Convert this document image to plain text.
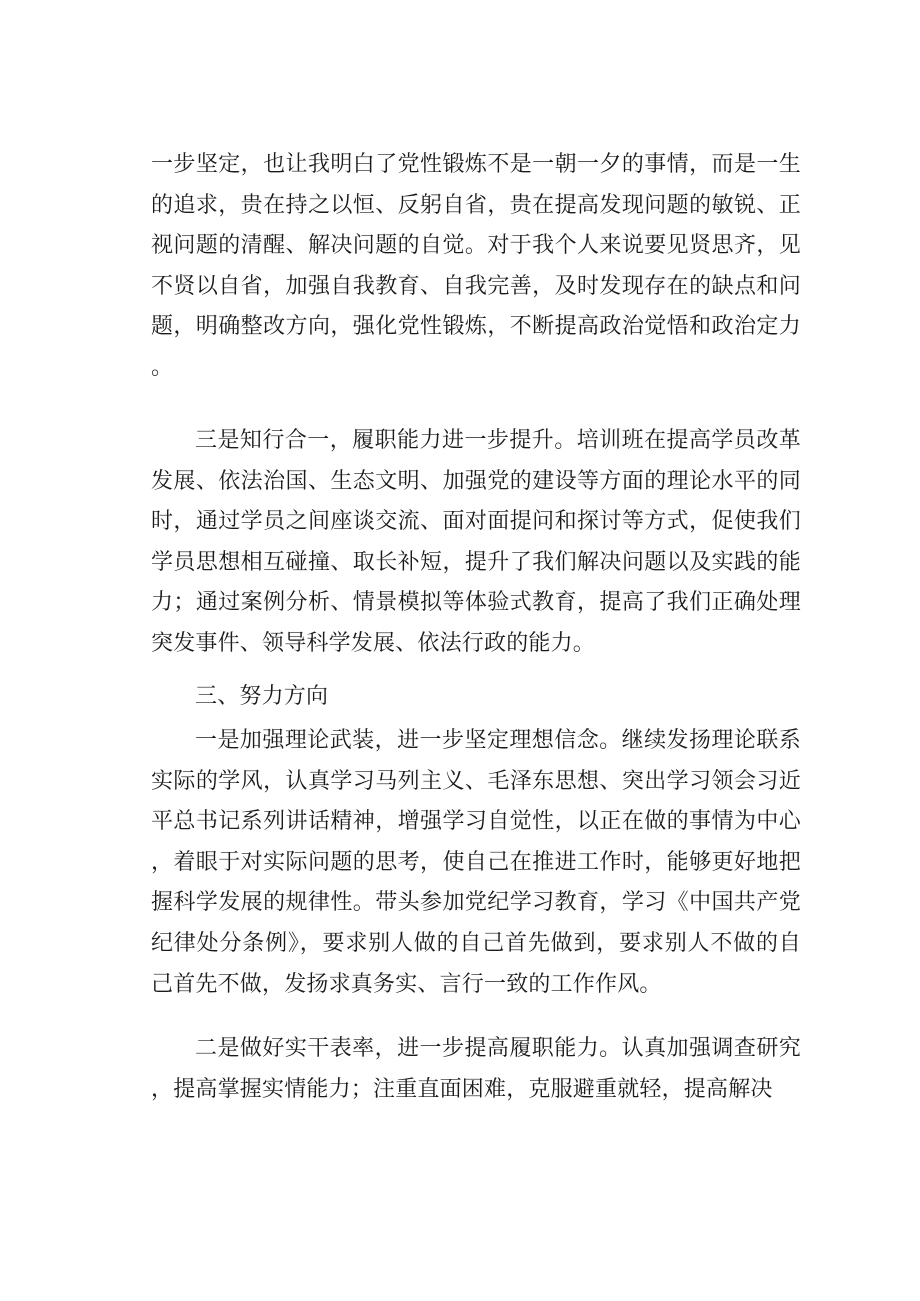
一步坚定，也让我明白了党性锻炼不是一朝一夕的事情，而是一生的追求，贵在持之以恒、反躬自省，贵在提高发现问题的敏锐、正视问题的清醒、解决问题的自觉。对于我个人来说要见贤思齐，见不贤以自省，加强自我教育、自我完善，及时发现存在的缺点和问题，明确整改方向，强化党性锻炼，不断提高政治觉悟和政治定力。

三是知行合一，履职能力进一步提升。培训班在提高学员改革发展、依法治国、生态文明、加强党的建设等方面的理论水平的同时，通过学员之间座谈交流、面对面提问和探讨等方式，促使我们学员思想相互碰撞、取长补短，提升了我们解决问题以及实践的能力；通过案例分析、情景模拟等体验式教育，提高了我们正确处理突发事件、领导科学发展、依法行政的能力。

三、努力方向

一是加强理论武装，进一步坚定理想信念。继续发扬理论联系实际的学风，认真学习马列主义、毛泽东思想、突出学习领会习近平总书记系列讲话精神，增强学习自觉性，以正在做的事情为中心，着眼于对实际问题的思考，使自己在推进工作时，能够更好地把握科学发展的规律性。带头参加党纪学习教育，学习《中国共产党纪律处分条例》，要求别人做的自己首先做到，要求别人不做的自己首先不做，发扬求真务实、言行一致的工作作风。

二是做好实干表率，进一步提高履职能力。认真加强调查研究，提高掌握实情能力；注重直面困难，克服避重就轻，提高解决
